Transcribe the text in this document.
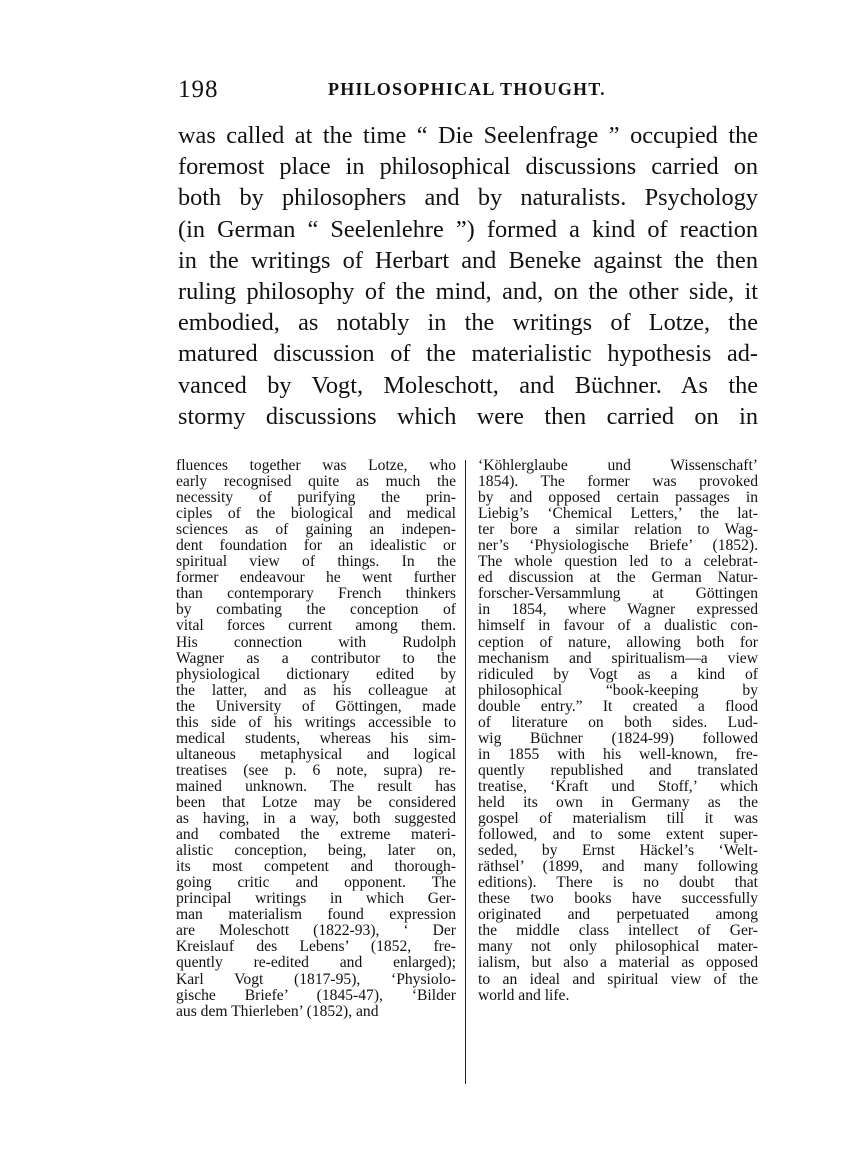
198	PHILOSOPHICAL THOUGHT.
was called at the time “ Die Seelenfrage ” occupied the
foremost place in philosophical discussions carried on
both by philosophers and by naturalists. Psychology
(in German “ Seelenlehre ”) formed a kind of reaction
in the writings of Herbart and Beneke against the then
ruling philosophy of the mind, and, on the other side, it
embodied, as notably in the writings of Lotze, the
matured discussion of the materialistic hypothesis ad-
vanced by Vogt, Moleschott, and Büchner. As the
stormy discussions which were then carried on in
fluences together was Lotze, who
early recognised quite as much the
necessity of purifying the prin-
ciples of the biological and medical
sciences as of gaining an indepen-
dent foundation for an idealistic or
spiritual view of things. In the
former endeavour he went further
than contemporary French thinkers
by combating the conception of
vital forces current among them.
His connection with Rudolph
Wagner as a contributor to the
physiological dictionary edited by
the latter, and as his colleague at
the University of Göttingen, made
this side of his writings accessible to
medical students, whereas his sim-
ultaneous metaphysical and logical
treatises (see p. 6 note, supra) re-
mained unknown. The result has
been that Lotze may be considered
as having, in a way, both suggested
and combated the extreme materi-
alistic conception, being, later on,
its most competent and thorough-
going critic and opponent. The
principal writings in which Ger-
man materialism found expression
are Moleschott (1822-93), ‘ Der
Kreislauf des Lebens’ (1852, fre-
quently re-edited and enlarged);
Karl Vogt (1817-95), ‘Physiolo-
gische Briefe’ (1845-47), ‘Bilder
aus dem Thierleben’ (1852), and
‘Köhlerglaube und Wissenschaft’
1854). The former was provoked
by and opposed certain passages in
Liebig’s ‘Chemical Letters,’ the lat-
ter bore a similar relation to Wag-
ner’s ‘Physiologische Briefe’ (1852).
The whole question led to a celebrat-
ed discussion at the German Natur-
forscher-Versammlung at Göttingen
in 1854, where Wagner expressed
himself in favour of a dualistic con-
ception of nature, allowing both for
mechanism and spiritualism—a view
ridiculed by Vogt as a kind of
philosophical “book-keeping by
double entry.” It created a flood
of literature on both sides. Lud-
wig Büchner (1824-99) followed
in 1855 with his well-known, fre-
quently republished and translated
treatise, ‘Kraft und Stoff,’ which
held its own in Germany as the
gospel of materialism till it was
followed, and to some extent super-
seded, by Ernst Häckel’s ‘Welt-
räthsel’ (1899, and many following
editions). There is no doubt that
these two books have successfully
originated and perpetuated among
the middle class intellect of Ger-
many not only philosophical mater-
ialism, but also a material as opposed
to an ideal and spiritual view of the
world and life.
